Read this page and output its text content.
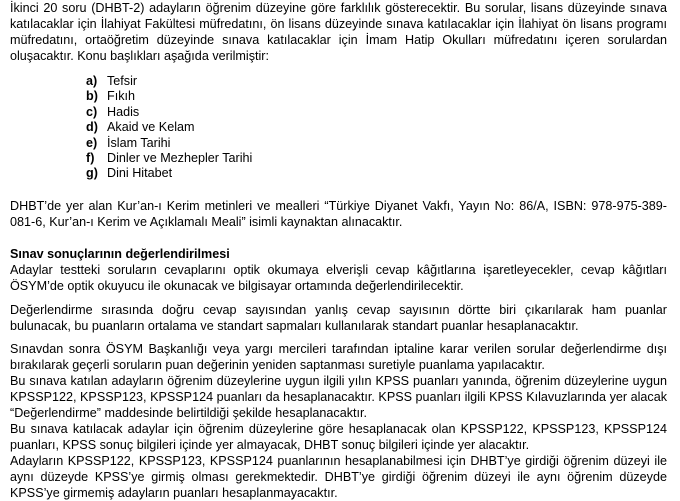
İkinci 20 soru (DHBT-2) adayların öğrenim düzeyine göre farklılık gösterecektir. Bu sorular, lisans düzeyinde sınava katılacaklar için İlahiyat Fakültesi müfredatını, ön lisans düzeyinde sınava katılacaklar için İlahiyat ön lisans programı müfredatını, ortaöğretim düzeyinde sınava katılacaklar için İmam Hatip Okulları müfredatını içeren sorulardan oluşacaktır. Konu başlıkları aşağıda verilmiştir:

a) Tefsir
b) Fıkıh
c) Hadis
d) Akaid ve Kelam
e) İslam Tarihi
f) Dinler ve Mezhepler Tarihi
g) Dini Hitabet

DHBT’de yer alan Kur’an-ı Kerim metinleri ve mealleri “Türkiye Diyanet Vakfı, Yayın No: 86/A, ISBN: 978-975-389-081-6, Kur’an-ı Kerim ve Açıklamalı Meali” isimli kaynaktan alınacaktır.

Sınav sonuçlarının değerlendirilmesi

Adaylar testteki soruların cevaplarını optik okumaya elverişli cevap kâğıtlarına işaretleyecekler, cevap kâğıtları ÖSYM’de optik okuyucu ile okunacak ve bilgisayar ortamında değerlendirilecektir.

Değerlendirme sırasında doğru cevap sayısından yanlış cevap sayısının dörtte biri çıkarılarak ham puanlar bulunacak, bu puanların ortalama ve standart sapmaları kullanılarak standart puanlar hesaplanacaktır.

Sınavdan sonra ÖSYM Başkanlığı veya yargı mercileri tarafından iptaline karar verilen sorular değerlendirme dışı bırakılarak geçerli soruların puan değerinin yeniden saptanması suretiyle puanlama yapılacaktır.

Bu sınava katılan adayların öğrenim düzeylerine uygun ilgili yılın KPSS puanları yanında, öğrenim düzeylerine uygun KPSSP122, KPSSP123, KPSSP124 puanları da hesaplanacaktır. KPSS puanları ilgili KPSS Kılavuzlarında yer alacak “Değerlendirme” maddesinde belirtildiği şekilde hesaplanacaktır.

Bu sınava katılacak adaylar için öğrenim düzeylerine göre hesaplanacak olan KPSSP122, KPSSP123, KPSSP124 puanları, KPSS sonuç bilgileri içinde yer almayacak, DHBT sonuç bilgileri içinde yer alacaktır.

Adayların KPSSP122, KPSSP123, KPSSP124 puanlarının hesaplanabilmesi için DHBT’ye girdiği öğrenim düzeyi ile aynı düzeyde KPSS’ye girmiş olması gerekmektedir. DHBT’ye girdiği öğrenim düzeyi ile aynı öğrenim düzeyde KPSS’ye girmemiş adayların puanları hesaplanmayacaktır.
